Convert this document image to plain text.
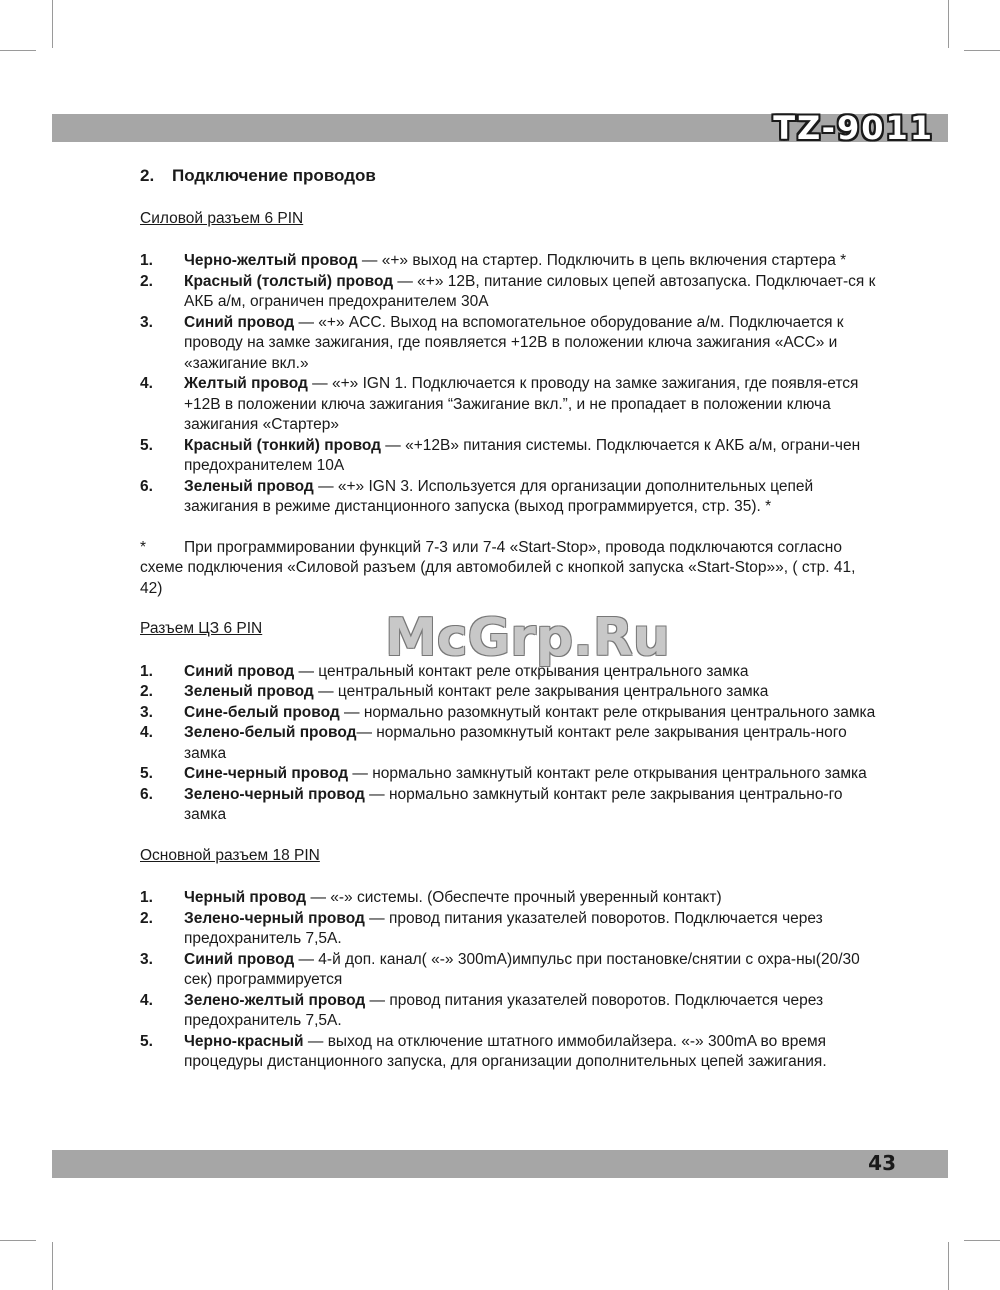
TZ-9011
2. Подключение проводов
Силовой разъем 6 PIN
1.	Черно-желтый провод — «+» выход на стартер. Подключить в цепь включения стартера *
2.	Красный (толстый) провод — «+» 12В, питание силовых цепей автозапуска. Подключает-ся к АКБ а/м, ограничен предохранителем 30А
3.	Синий провод — «+» ACC. Выход на вспомогательное оборудование а/м. Подключается к проводу на замке зажигания, где появляется +12В в положении ключа зажигания «АСС» и «зажигание вкл.»
4.	Желтый провод — «+» IGN 1. Подключается к проводу на замке зажигания, где появля-ется +12В в положении ключа зажигания “Зажигание вкл.”, и не пропадает в положении ключа зажигания «Стартер»
5.	Красный (тонкий) провод — «+12В» питания системы. Подключается к АКБ а/м, ограни-чен предохранителем 10А
6.	Зеленый провод — «+» IGN 3. Используется для организации дополнительных цепей зажигания в режиме дистанционного запуска (выход программируется, стр. 35). *
* При программировании функций 7-3 или 7-4 «Start-Stop», провода подключаются согласно схеме подключения «Силовой разъем (для автомобилей с кнопкой запуска «Start-Stop»», ( стр. 41, 42)
Разъем ЦЗ 6 PIN
1.	Синий провод — центральный контакт реле открывания центрального замка
2.	Зеленый провод — центральный контакт реле закрывания центрального замка
3.	Сине-белый провод — нормально разомкнутый контакт реле открывания центрального замка
4.	Зелено-белый провод— нормально разомкнутый контакт реле закрывания централь-ного замка
5.	Сине-черный провод — нормально замкнутый контакт реле открывания центрального замка
6.	Зелено-черный провод — нормально замкнутый контакт реле закрывания центрально-го замка
Основной разъем 18 PIN
1.	Черный провод — «-» системы. (Обеспечте прочный уверенный контакт)
2.	Зелено-черный провод — провод питания указателей поворотов. Подключается через предохранитель 7,5А.
3.	Синий провод — 4-й доп. канал( «-» 300mA)импульс при постановке/снятии с охра-ны(20/30 сек) программируется
4.	Зелено-желтый провод — провод питания указателей поворотов. Подключается через предохранитель 7,5А.
5.	Черно-красный — выход на отключение штатного иммобилайзера. «-» 300mA во время процедуры дистанционного запуска, для организации дополнительных цепей зажигания.
McGrp.Ru
43
